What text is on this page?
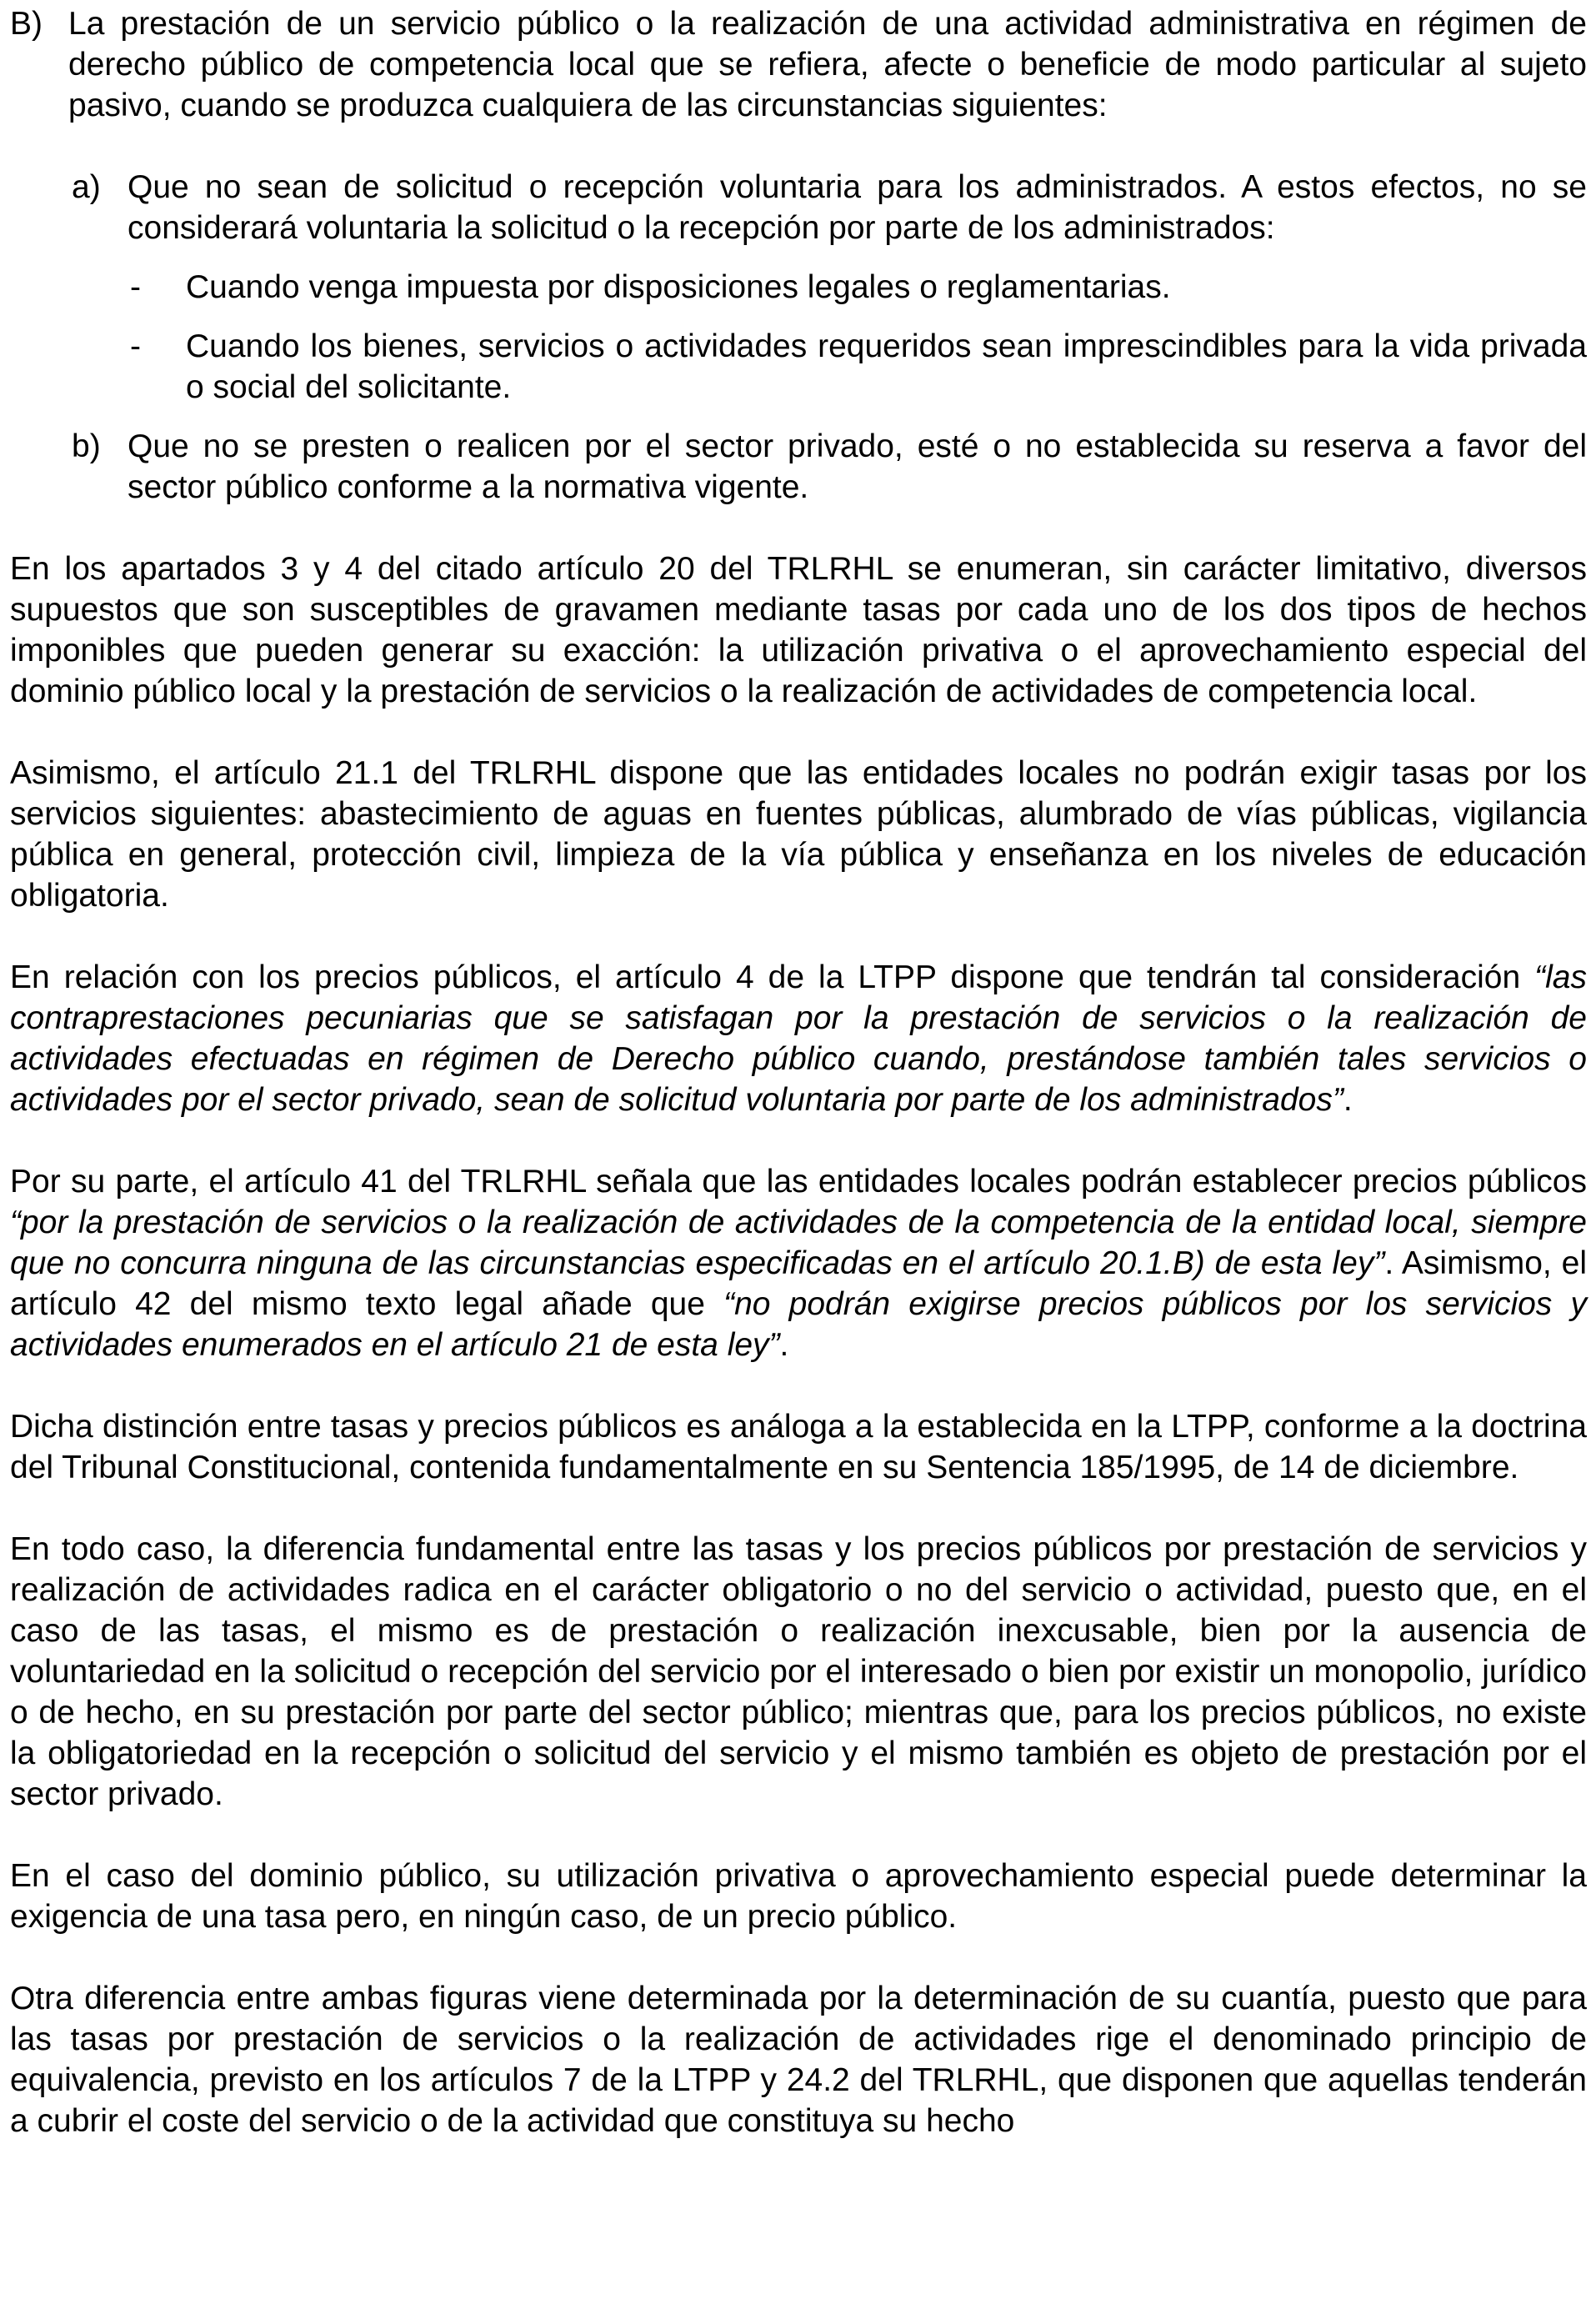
B) La prestación de un servicio público o la realización de una actividad administrativa en régimen de derecho público de competencia local que se refiera, afecte o beneficie de modo particular al sujeto pasivo, cuando se produzca cualquiera de las circunstancias siguientes:
a) Que no sean de solicitud o recepción voluntaria para los administrados. A estos efectos, no se considerará voluntaria la solicitud o la recepción por parte de los administrados:
- Cuando venga impuesta por disposiciones legales o reglamentarias.
- Cuando los bienes, servicios o actividades requeridos sean imprescindibles para la vida privada o social del solicitante.
b) Que no se presten o realicen por el sector privado, esté o no establecida su reserva a favor del sector público conforme a la normativa vigente.

En los apartados 3 y 4 del citado artículo 20 del TRLRHL se enumeran, sin carácter limitativo, diversos supuestos que son susceptibles de gravamen mediante tasas por cada uno de los dos tipos de hechos imponibles que pueden generar su exacción: la utilización privativa o el aprovechamiento especial del dominio público local y la prestación de servicios o la realización de actividades de competencia local.

Asimismo, el artículo 21.1 del TRLRHL dispone que las entidades locales no podrán exigir tasas por los servicios siguientes: abastecimiento de aguas en fuentes públicas, alumbrado de vías públicas, vigilancia pública en general, protección civil, limpieza de la vía pública y enseñanza en los niveles de educación obligatoria.

En relación con los precios públicos, el artículo 4 de la LTPP dispone que tendrán tal consideración “las contraprestaciones pecuniarias que se satisfagan por la prestación de servicios o la realización de actividades efectuadas en régimen de Derecho público cuando, prestándose también tales servicios o actividades por el sector privado, sean de solicitud voluntaria por parte de los administrados”.

Por su parte, el artículo 41 del TRLRHL señala que las entidades locales podrán establecer precios públicos “por la prestación de servicios o la realización de actividades de la competencia de la entidad local, siempre que no concurra ninguna de las circunstancias especificadas en el artículo 20.1.B) de esta ley”. Asimismo, el artículo 42 del mismo texto legal añade que “no podrán exigirse precios públicos por los servicios y actividades enumerados en el artículo 21 de esta ley”.

Dicha distinción entre tasas y precios públicos es análoga a la establecida en la LTPP, conforme a la doctrina del Tribunal Constitucional, contenida fundamentalmente en su Sentencia 185/1995, de 14 de diciembre.

En todo caso, la diferencia fundamental entre las tasas y los precios públicos por prestación de servicios y realización de actividades radica en el carácter obligatorio o no del servicio o actividad, puesto que, en el caso de las tasas, el mismo es de prestación o realización inexcusable, bien por la ausencia de voluntariedad en la solicitud o recepción del servicio por el interesado o bien por existir un monopolio, jurídico o de hecho, en su prestación por parte del sector público; mientras que, para los precios públicos, no existe la obligatoriedad en la recepción o solicitud del servicio y el mismo también es objeto de prestación por el sector privado.

En el caso del dominio público, su utilización privativa o aprovechamiento especial puede determinar la exigencia de una tasa pero, en ningún caso, de un precio público.

Otra diferencia entre ambas figuras viene determinada por la determinación de su cuantía, puesto que para las tasas por prestación de servicios o la realización de actividades rige el denominado principio de equivalencia, previsto en los artículos 7 de la LTPP y 24.2 del TRLRHL, que disponen que aquellas tenderán a cubrir el coste del servicio o de la actividad que constituya su hecho
